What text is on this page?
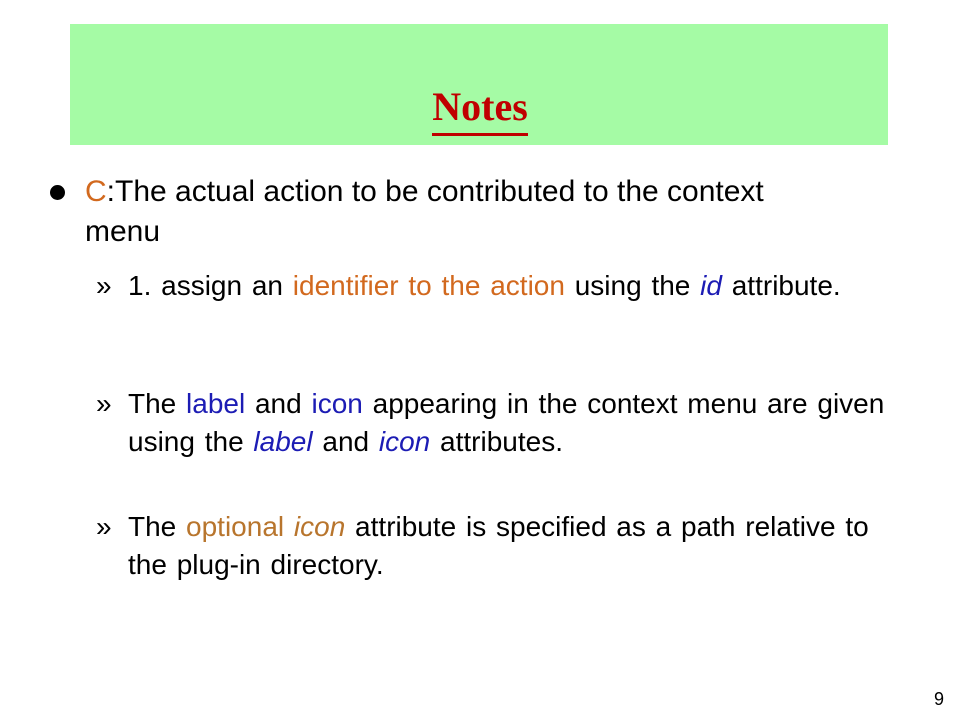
Notes
C:The actual action to be contributed to the context menu
» 1. assign an identifier to the action using the id attribute.
» The label and icon appearing in the context menu are given using the label and icon attributes.
» The optional icon attribute is specified as a path relative to the plug-in directory.
9
